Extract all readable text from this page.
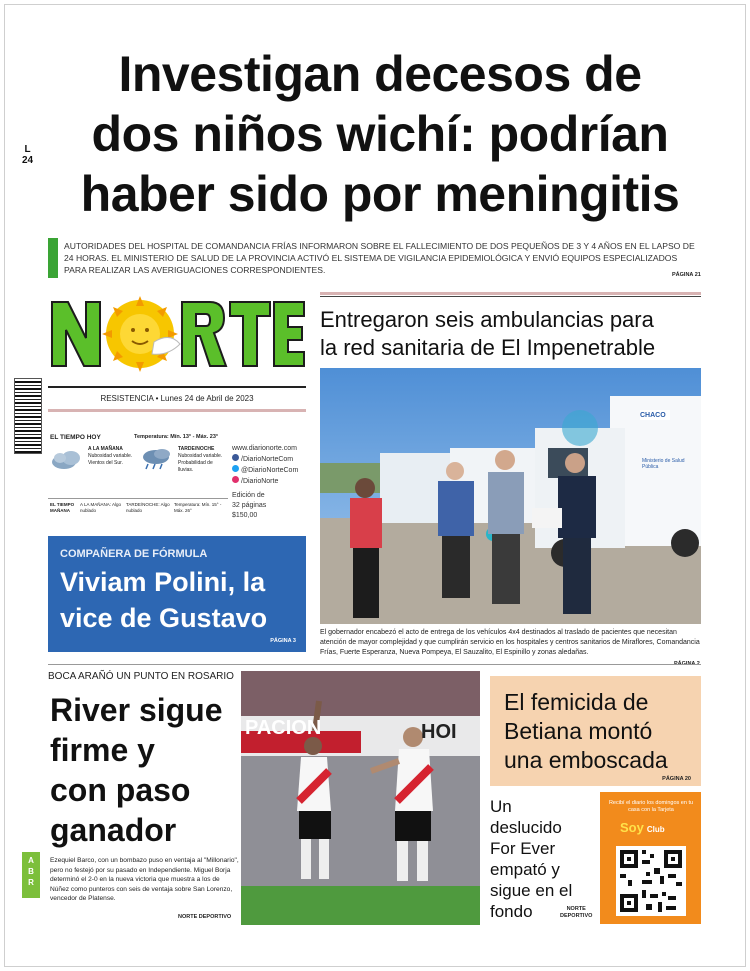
Investigan decesos de
dos niños wichí: podrían
haber sido por meningitis
L
24
AUTORIDADES DEL HOSPITAL DE COMANDANCIA FRÍAS INFORMARON SOBRE EL FALLECIMIENTO DE DOS PEQUEÑOS DE 3 Y 4 AÑOS EN EL LAPSO DE 24 HORAS. EL MINISTERIO DE SALUD DE LA PROVINCIA ACTIVÓ EL SISTEMA DE VIGILANCIA EPIDEMIOLÓGICA Y ENVIÓ EQUIPOS ESPECIALIZADOS PARA REALIZAR LAS AVERIGUACIONES CORRESPONDIENTES.	PÁGINA 21
RESISTENCIA • Lunes 24 de Abril de 2023
EL TIEMPO HOY	Temperatura: Mín. 13° - Máx. 23°
A LA MAÑANA
Nubosidad variable. Vientos del Sur.
TARDE/NOCHE
Nubosidad variable. Probabilidad de lluvias.
EL TIEMPO MAÑANA
A LA MAÑANA: Algo nublado
TARDE/NOCHE: Algo nublado
Temperatura: Mín. 15° - Máx. 26°
www.diarionorte.com
/DiarioNorteCom
@DiarioNorteCom
/DiarioNorte
Edición de
32 páginas
$150,00
COMPAÑERA DE FÓRMULA
Viviam Polini, la
vice de Gustavo
PÁGINA 3
Entregaron seis ambulancias para
la red sanitaria de El Impenetrable
CHACO
Ministerio de Salud Pública
El gobernador encabezó el acto de entrega de los vehículos 4x4 destinados al traslado de pacientes que necesitan atención de mayor complejidad y que cumplirán servicio en los hospitales y centros sanitarios de Miraflores, Comandancia Frías, Fuerte Esperanza, Nueva Pompeya, El Sauzalito, El Espinillo y zonas aledañas.
BOCA ARAÑÓ UN PUNTO EN ROSARIO
River sigue
firme y
con paso
ganador
ABR
Ezequiel Barco, con un bombazo puso en ventaja al "Millonario", pero no festejó por su pasado en Independiente. Miguel Borja determinó el 2-0 en la nueva victoria que muestra a los de Núñez como punteros con seis de ventaja sobre San Lorenzo, vencedor de Platense.
NORTE DEPORTIVO
PACION	HOI
El femicida de
Betiana montó
una emboscada
PÁGINA 20
Un
deslucido
For Ever
empató y
sigue en el
fondo	NORTE
DEPORTIVO
Recibí el diario los domingos en tu casa con la Tarjeta
Soy Club
